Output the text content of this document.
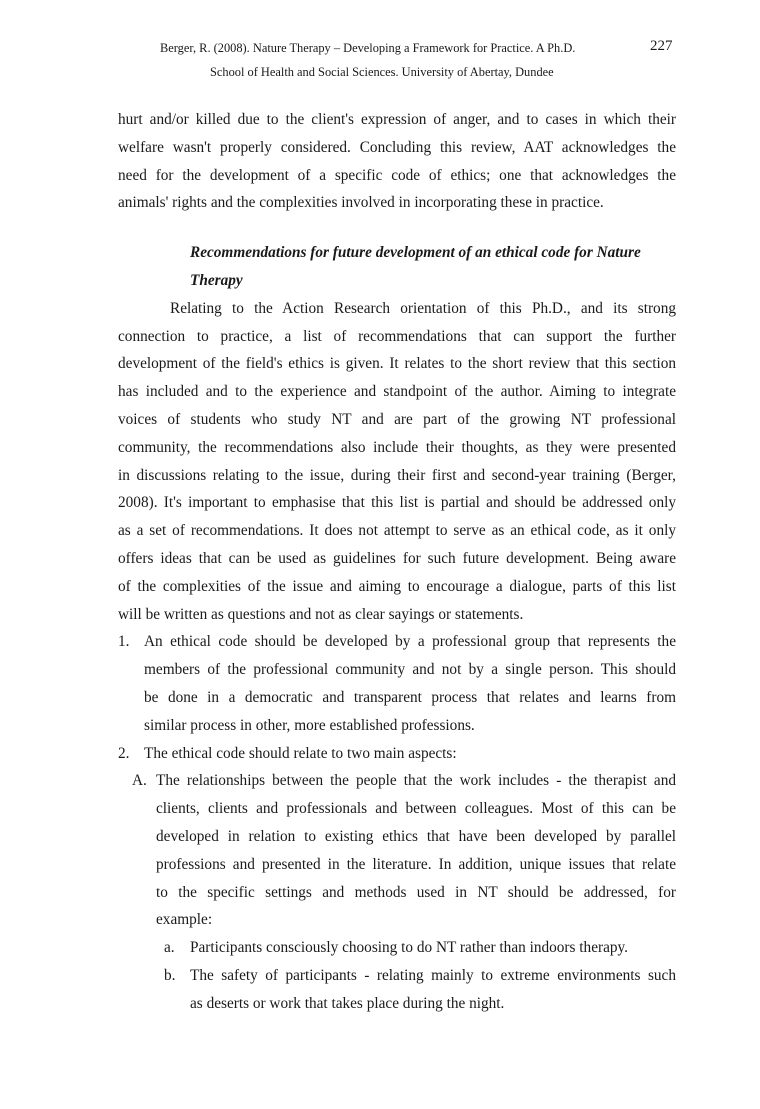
Berger, R. (2008). Nature Therapy – Developing a Framework for Practice. A Ph.D.
School of Health and Social Sciences. University of Abertay, Dundee
227
hurt and/or killed due to the client's expression of anger, and to cases in which their
welfare wasn't properly considered. Concluding this review, AAT acknowledges the
need for the development of a specific code of ethics; one that acknowledges the
animals' rights and the complexities involved in incorporating these in practice.
Recommendations for future development of an ethical code for Nature
Therapy
Relating to the Action Research orientation of this Ph.D., and its strong
connection to practice, a list of recommendations that can support the further
development of the field's ethics is given. It relates to the short review that this section
has included and to the experience and standpoint of the author. Aiming to integrate
voices of students who study NT and are part of the growing NT professional
community, the recommendations also include their thoughts, as they were presented
in discussions relating to the issue, during their first and second-year training (Berger,
2008). It's important to emphasise that this list is partial and should be addressed only
as a set of recommendations. It does not attempt to serve as an ethical code, as it only
offers ideas that can be used as guidelines for such future development. Being aware
of the complexities of the issue and aiming to encourage a dialogue, parts of this list
will be written as questions and not as clear sayings or statements.
1. An ethical code should be developed by a professional group that represents the
members of the professional community and not by a single person. This should
be done in a democratic and transparent process that relates and learns from
similar process in other, more established professions.
2. The ethical code should relate to two main aspects:
A. The relationships between the people that the work includes - the therapist and
clients, clients and professionals and between colleagues. Most of this can be
developed in relation to existing ethics that have been developed by parallel
professions and presented in the literature. In addition, unique issues that relate
to the specific settings and methods used in NT should be addressed, for
example:
a. Participants consciously choosing to do NT rather than indoors therapy.
b. The safety of participants - relating mainly to extreme environments such
as deserts or work that takes place during the night.
